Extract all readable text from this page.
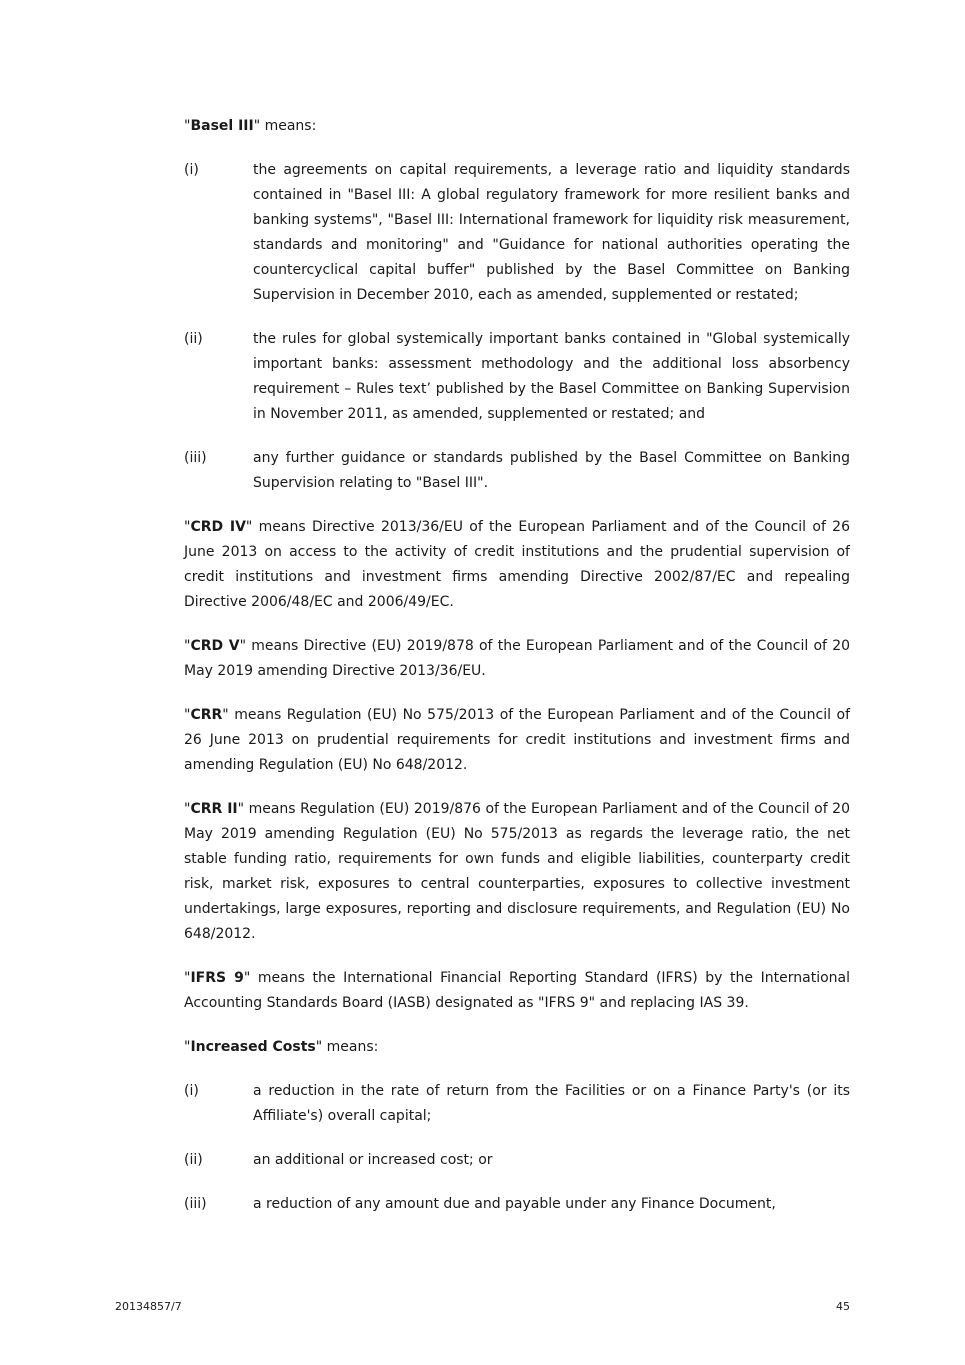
"Basel III" means:

(i)	the agreements on capital requirements, a leverage ratio and liquidity standards contained in "Basel III: A global regulatory framework for more resilient banks and banking systems", "Basel III: International framework for liquidity risk measurement, standards and monitoring" and "Guidance for national authorities operating the countercyclical capital buffer" published by the Basel Committee on Banking Supervision in December 2010, each as amended, supplemented or restated;
(ii)	the rules for global systemically important banks contained in "Global systemically important banks: assessment methodology and the additional loss absorbency requirement – Rules text’ published by the Basel Committee on Banking Supervision in November 2011, as amended, supplemented or restated; and
(iii)	any further guidance or standards published by the Basel Committee on Banking Supervision relating to "Basel III".

"CRD IV" means Directive 2013/36/EU of the European Parliament and of the Council of 26 June 2013 on access to the activity of credit institutions and the prudential supervision of credit institutions and investment firms amending Directive 2002/87/EC and repealing Directive 2006/48/EC and 2006/49/EC.

"CRD V" means Directive (EU) 2019/878 of the European Parliament and of the Council of 20 May 2019 amending Directive 2013/36/EU.

"CRR" means Regulation (EU) No 575/2013 of the European Parliament and of the Council of 26 June 2013 on prudential requirements for credit institutions and investment firms and amending Regulation (EU) No 648/2012.

"CRR II" means Regulation (EU) 2019/876 of the European Parliament and of the Council of 20 May 2019 amending Regulation (EU) No 575/2013 as regards the leverage ratio, the net stable funding ratio, requirements for own funds and eligible liabilities, counterparty credit risk, market risk, exposures to central counterparties, exposures to collective investment undertakings, large exposures, reporting and disclosure requirements, and Regulation (EU) No 648/2012.

"IFRS 9" means the International Financial Reporting Standard (IFRS) by the International Accounting Standards Board (IASB) designated as "IFRS 9" and replacing IAS 39.

"Increased Costs" means:

(i)	a reduction in the rate of return from the Facilities or on a Finance Party's (or its Affiliate's) overall capital;
(ii)	an additional or increased cost; or
(iii)	a reduction of any amount due and payable under any Finance Document,
20134857/7	45
